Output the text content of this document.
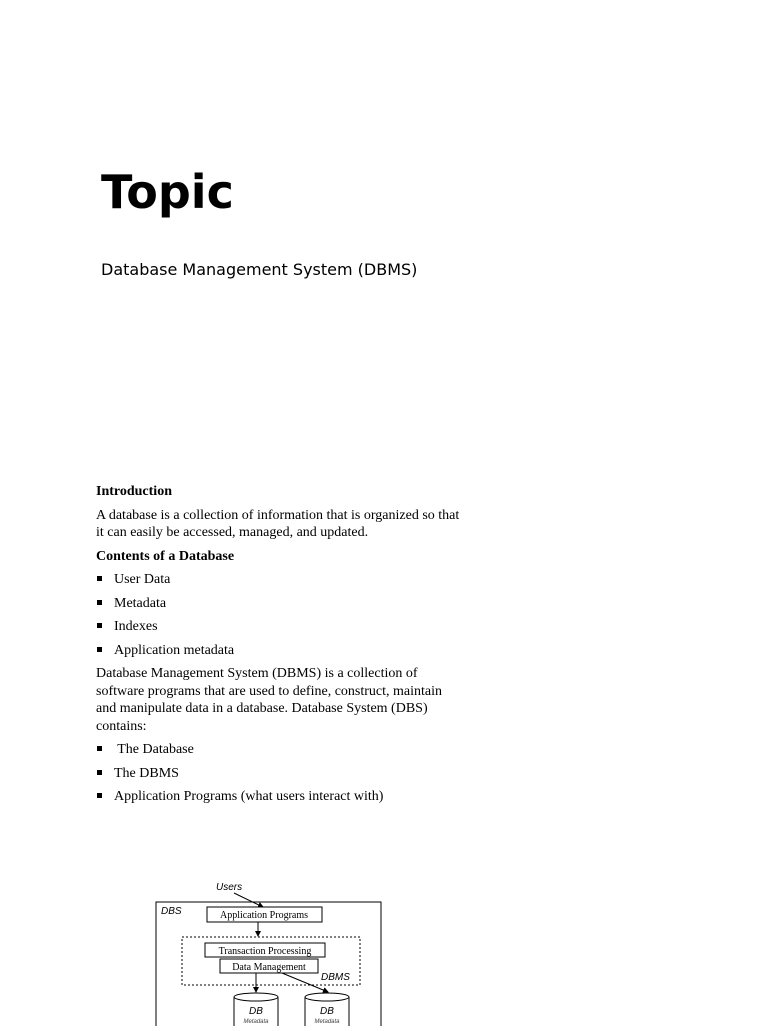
Topic
Database Management System (DBMS)

Introduction

A database is a collection of information that is organized so that it can easily be accessed, managed, and updated.

Contents of a Database

User Data
Metadata
Indexes
Application metadata

Database Management System (DBMS) is a collection of software programs that are used to define, construct, maintain and manipulate data in a database. Database System (DBS) contains:

The Database
The DBMS
Application Programs (what users interact with)
DBS
Users
Application Programs
DBMS
Transaction Processing
Data Management
DB
Metadata
DB
Metadata
